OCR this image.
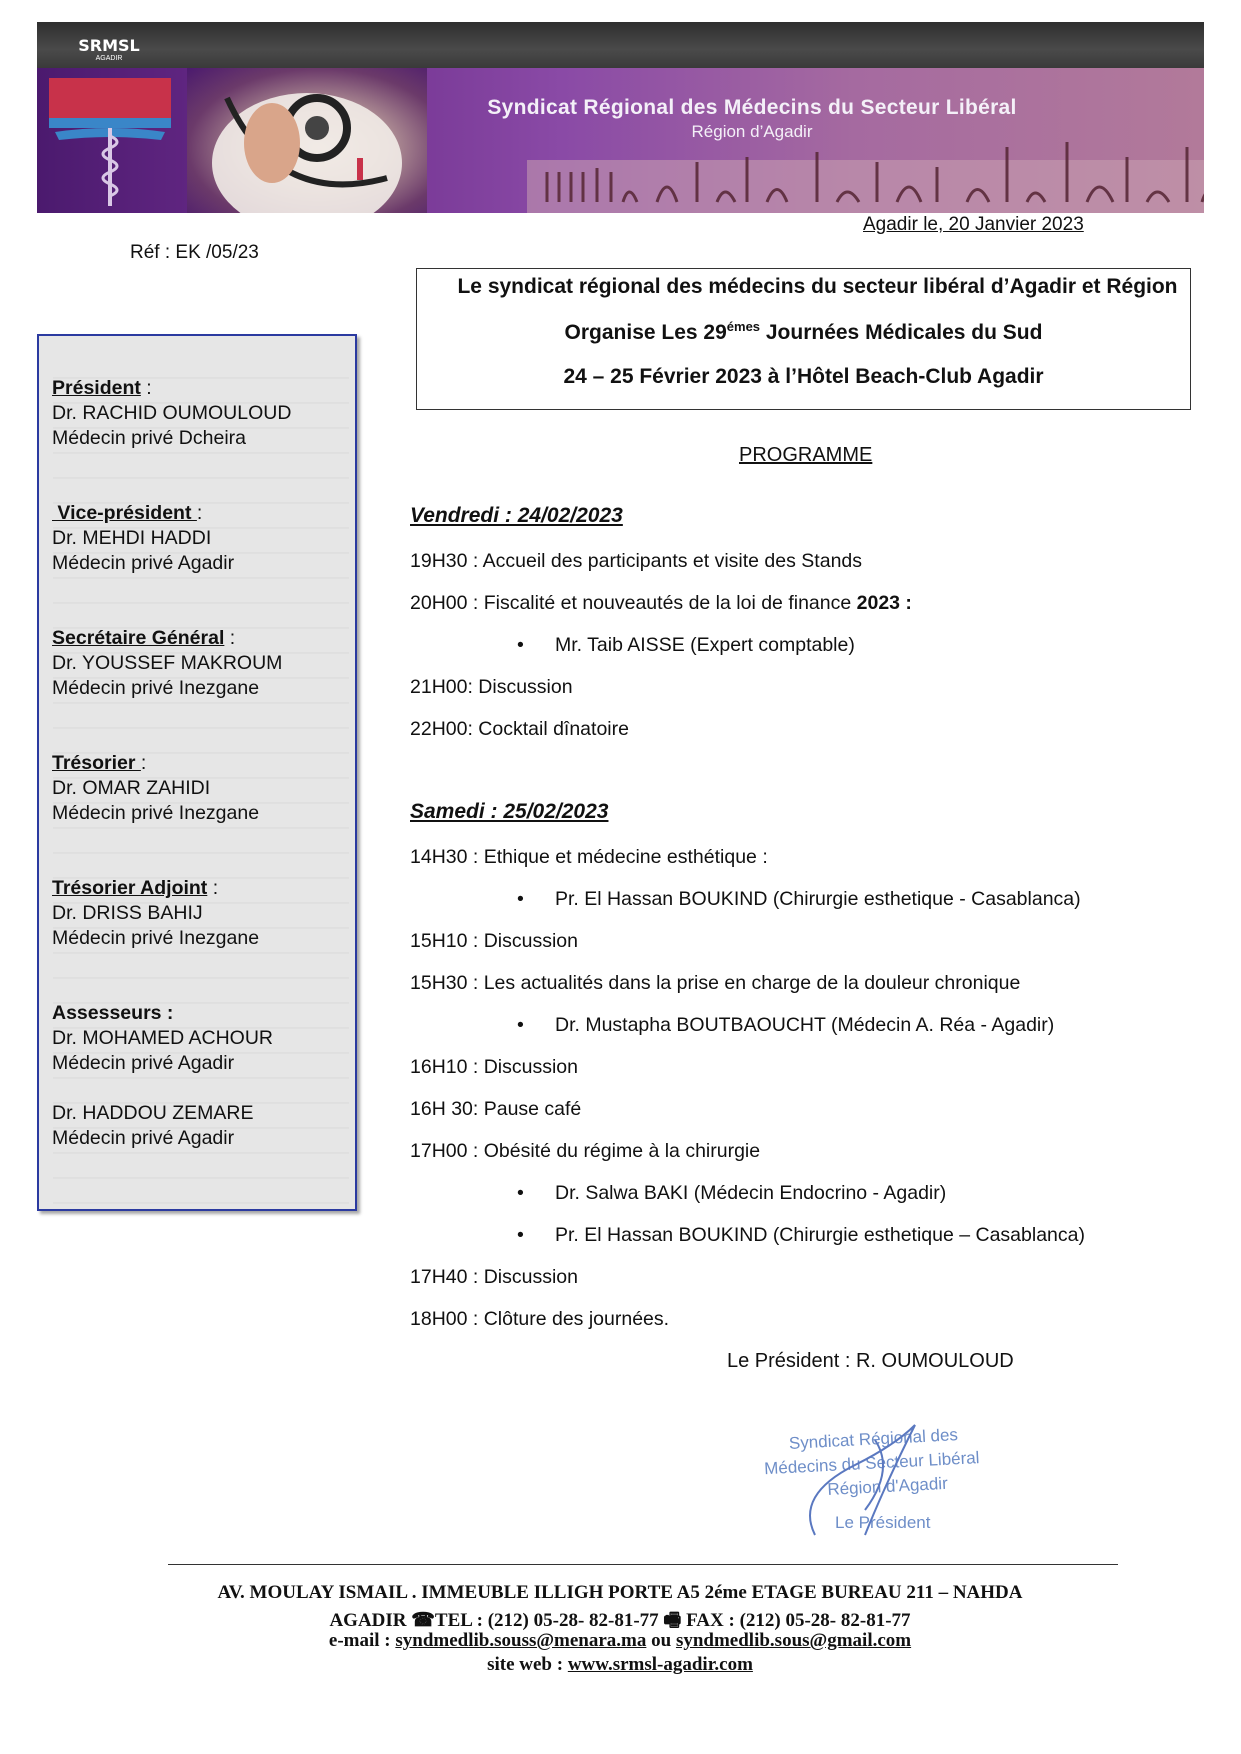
SRMSL
AGADIR
Syndicat Régional des Médecins du Secteur Libéral
Région d’Agadir
Agadir le, 20 Janvier 2023
Réf : EK /05/23
Président :
Dr. RACHID OUMOULOUD
Médecin privé Dcheira
Vice-président :
Dr. MEHDI HADDI
Médecin privé Agadir
Secrétaire Général :
Dr. YOUSSEF MAKROUM
Médecin privé Inezgane
Trésorier :
Dr. OMAR ZAHIDI
Médecin privé Inezgane
Trésorier Adjoint :
Dr. DRISS BAHIJ
Médecin privé Inezgane
Assesseurs :
Dr. MOHAMED ACHOUR
Médecin privé Agadir
Dr. HADDOU ZEMARE
Médecin privé Agadir
Le syndicat régional des médecins du secteur libéral d’Agadir et Région
Organise Les $29^{émes}$ Journées Médicales du Sud
24 – 25 Février 2023 à l’Hôtel Beach-Club Agadir
PROGRAMME
Vendredi : 24/02/2023
19H30 : Accueil des participants et visite des Stands
20H00 : Fiscalité et nouveautés de la loi de finance 2023 :
Mr. Taib AISSE (Expert comptable)
21H00: Discussion
22H00: Cocktail dînatoire
Samedi : 25/02/2023
14H30 : Ethique et médecine esthétique :
Pr. El Hassan BOUKIND (Chirurgie esthetique - Casablanca)
15H10 : Discussion
15H30 : Les actualités dans la prise en charge de la douleur chronique
Dr. Mustapha BOUTBAOUCHT (Médecin A. Réa - Agadir)
16H10 : Discussion
16H 30: Pause café
17H00 : Obésité du régime à la chirurgie
Dr. Salwa BAKI (Médecin Endocrino - Agadir)
Pr. El Hassan BOUKIND (Chirurgie esthetique – Casablanca)
17H40 : Discussion
18H00 : Clôture des journées.
Le Président : R. OUMOULOUD
Syndicat Régional des
Médecins du Secteur Libéral
Région d'Agadir
Le Président
AV. MOULAY ISMAIL . IMMEUBLE ILLIGH PORTE A5 2éme ETAGE BUREAU 211 – NAHDA
AGADIR ☎TEL : (212) 05-28- 82-81-77 🖷 FAX : (212) 05-28- 82-81-77
e-mail : syndmedlib.souss@menara.ma ou syndmedlib.sous@gmail.com
site web : www.srmsl-agadir.com
